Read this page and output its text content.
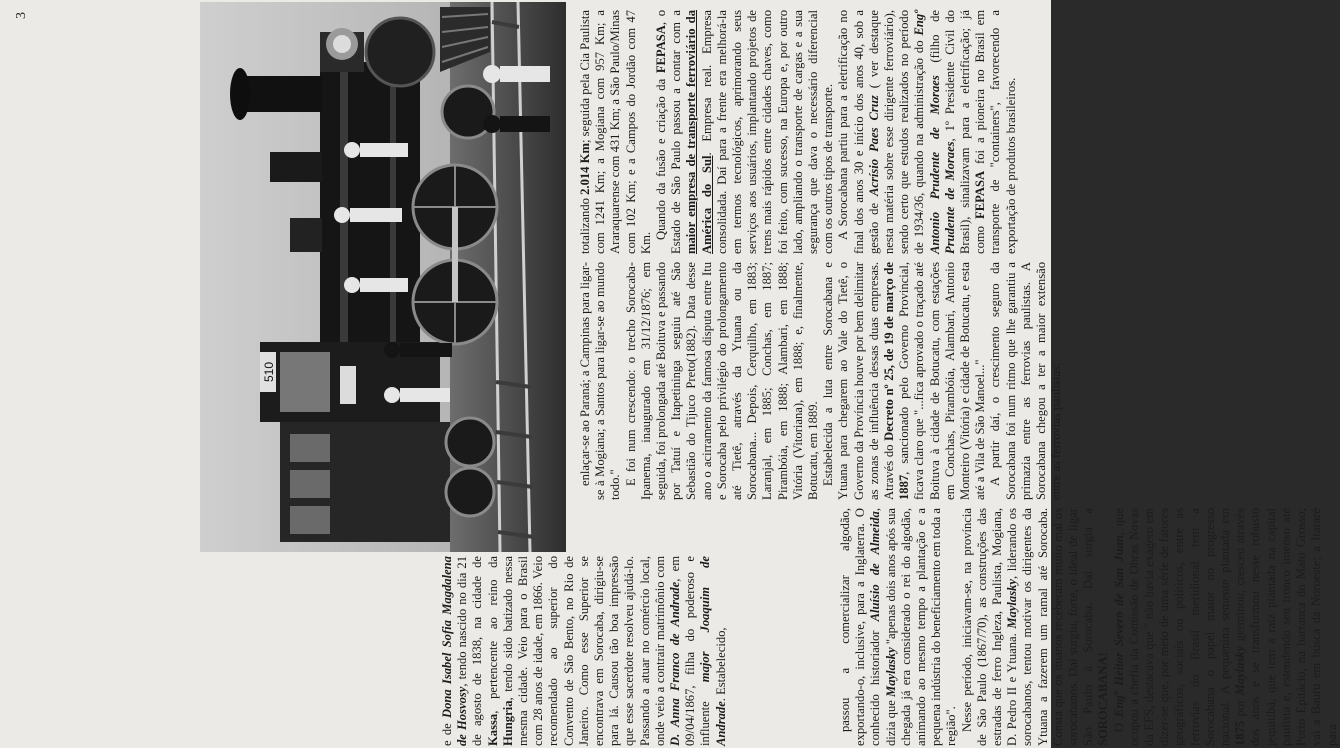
3
510

e de Dona Isabel Sofia Magdalena de Hosvosy, tendo nascido no dia 21 de agosto de 1838, na cidade de Kassa, pertencente ao reino da Hungria, tendo sido batizado nessa mesma cidade. Veio para o Brasil com 28 anos de idade, em 1866. Veio recomendado ao superior do Convento de São Bento, no Rio de Janeiro. Como esse Superior se encontrava em Sorocaba, dirigiu-se para lá. Causou tão boa impressão que esse sacerdote resolveu ajudá-lo. Passando a atuar no comércio local, onde veio a contrair matrimônio com D. Anna Franco de Andrade, em 09/04/1867, filha do poderoso e influente major Joaquim de Andrade. Estabelecido,	passou a comercializar algodão, exportando-o, inclusive, para a Inglaterra. O conhecido historiador Aluísio de Almeida, dizia que Maylasky "apenas dois anos após sua chegada já era considerado o rei do algodão, animando ao mesmo tempo a plantação e a pequena indústria do beneficiamento em toda a região". Nesse período, iniciavam-se, na província de São Paulo (1867/70), as construções das estradas de ferro Ingleza, Paulista, Mogiana, D. Pedro II e Ytuana. Maylasky, liderando os sorocabanos, tentou motivar os dirigentes da Ytuana a fazerem um ramal até Sorocaba. Consta que os ituanos receberam muito mal os sorocabanos. Daí surgiu, forte, o ideal de ligar São Paulo à Sorocaba. Daí surgia a SOROCABANA! O Engº Heitor Severo de San Juan, que ocupou a chefia da Comissão de Obras Novas da EFS, destacava que " não havia exagero em dizer-se que, por meio de uma série de fatores geográficos, sociais ou políticos, entre as ferrovias do Brasil meridional tem a Sorocabana o papel maior no progresso nacional. A pequenina semente plantada em 1875 por Maylasky germinou, cresceu através dos anos e se transformou nesse robusto jequitibá, que tem a raiz plantada na capital paulista e, estendendo seu tronco imenso até Porto Epitácio, na barranca do Mato Grosso; vai a Bauru em busca da Noroeste; a Itararé para

enlaçar-se ao Paraná; a Campinas para ligar-se à Mogiana; a Santos para ligar-se ao mundo todo." E foi num crescendo: o trecho Sorocaba-Ipanema, inaugurado em 31/12/1876; em seguida, foi prolongada até Boituva e passando por Tatuí e Itapetininga seguiu até São Sebastião do Tijuco Preto(1882). Data desse ano o acirramento da famosa disputa entre Itu e Sorocaba pelo privilégio do prolongamento até Tietê, através da Ytuana ou da Sorocabana... Depois, Cerquilho, em 1883; Laranjal, em 1885; Conchas, em 1887; Pirambóia, em 1888; Alambari, em 1888; Vitória (Vitoriana), em 1888; e, finalmente, Botucatu, em 1889. Estabelecida a luta entre Sorocabana e Ytuana para chegarem ao Vale do Tietê, o Governo da Província houve por bem delimitar as zonas de influência dessas duas empresas. Através do Decreto nº 25, de 19 de março de 1887, sancionado pelo Governo Provincial, ficava claro que "...fica aprovado o traçado até Boituva à cidade de Botucatu, com estações em Conchas, Pirambóia, Alambari, Antonio Monteiro (Vitória) e cidade de Botucatu, e esta até a Vila de São Manoel..." A partir daí, o crescimento seguro da Sorocabana foi num ritmo que lhe garantiu a primazia entre as ferrovias paulistas. A Sorocabana chegou a ter a maior extensão entre as ferrovias paulistas:

totalizando 2.014 Km; seguida pela Cia Paulista com 1241 Km; a Mogiana com 957 Km; a Araraquarense com 431 Km; a São Paulo/Minas com 102 Km; e a Campos do Jordão com 47 Km.

Quando da fusão e criação da FEPASA, o Estado de São Paulo passou a contar com a maior empresa de transporte ferroviário da América do Sul. Empresa real. Empresa consolidada. Daí para a frente era melhorá-la em termos tecnológicos, aprimorando seus serviços aos usuários, implantando projetos de trens mais rápidos entre cidades chaves, como foi feito, com sucesso, na Europa e, por outro lado, ampliando o transporte de cargas e a sua segurança que dava o necessário diferencial com os outros tipos de transporte. A Sorocabana partiu para a eletrificação no final dos anos 30 e início dos anos 40, sob a gestão de Acrísio Paes Cruz ( ver destaque nesta matéria sobre esse dirigente ferroviário), sendo certo que estudos realizados no período de 1934/36, quando na administração do Engº Antonio Prudente de Moraes (filho de Prudente de Moraes, 1º Presidente Civil do Brasil), sinalizavam para a eletrificação; já como FEPASA foi a pioneira no Brasil em transporte de "containers", favorecendo a exportação de produtos brasileiros.
